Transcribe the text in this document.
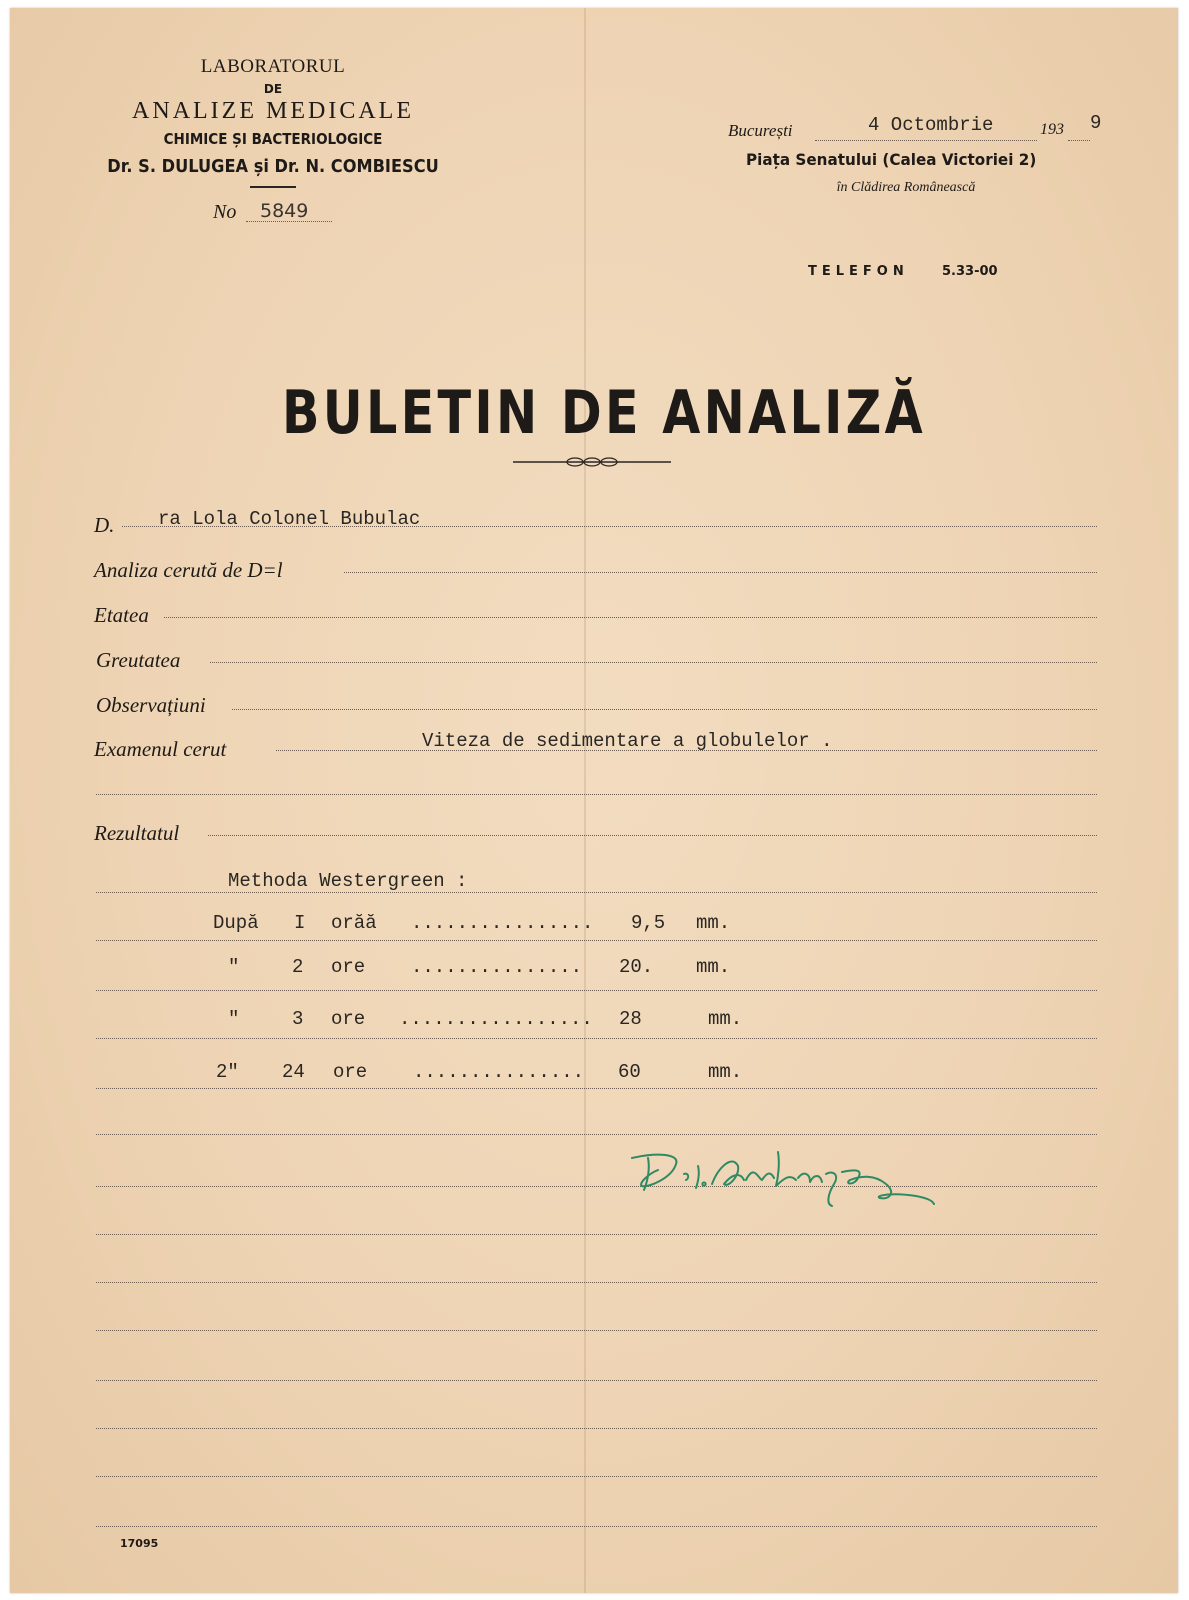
LABORATORUL
DE
ANALIZE MEDICALE
CHIMICE ȘI BACTERIOLOGICE
Dr. S. DULUGEA și Dr. N. COMBIESCU
No 5849
București	4 Octombrie	193 9
Piața Senatului (Calea Victoriei 2)
în Clădirea Românească
TELEFON	5.33-00
BULETIN DE ANALIZĂ
D. ra Lola Colonel Bubulac
Analiza cerută de D=l
Etatea
Greutatea
Observațiuni
Examenul cerut	Viteza de sedimentare a globulelor .
Rezultatul
Methoda Westergreen :
După I orăă ................ 9,5 mm.
"	2 ore ............... 20. mm.
"	3 ore ................. 28	mm.
2" 24 ore ............... 60	mm.
17095
